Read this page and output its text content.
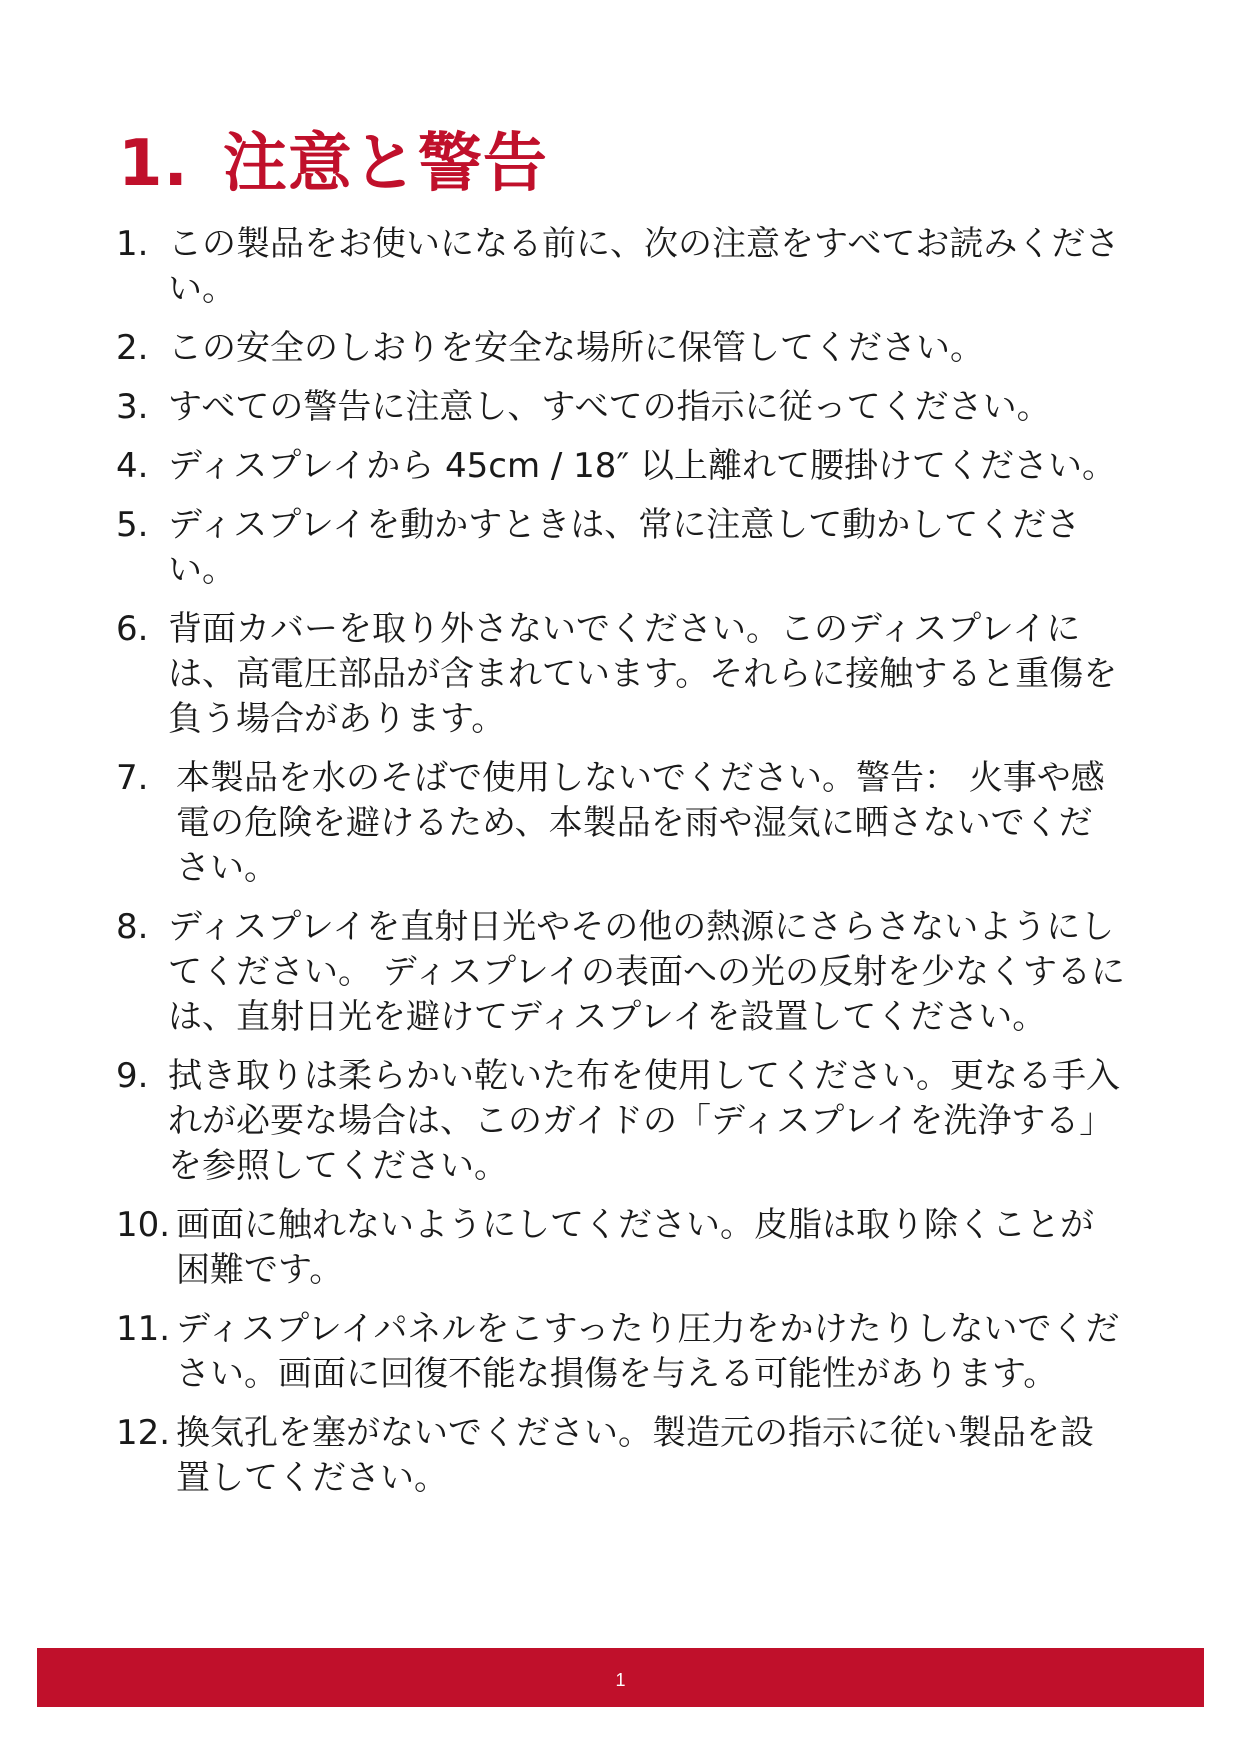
1. 注意と警告
1. この製品をお使いになる前に、次の注意をすべてお読みください。
2. この安全のしおりを安全な場所に保管してください。
3. すべての警告に注意し、すべての指示に従ってください。
4. ディスプレイから 45cm / 18″ 以上離れて腰掛けてください。
5. ディスプレイを動かすときは、常に注意して動かしてください。
6. 背面カバーを取り外さないでください。このディスプレイには、高電圧部品が含まれています。それらに接触すると重傷を負う場合があります。
7. 本製品を水のそばで使用しないでください。警告： 火事や感電の危険を避けるため、本製品を雨や湿気に晒さないでください。
8. ディスプレイを直射日光やその他の熱源にさらさないようにしてください。 ディスプレイの表面への光の反射を少なくするには、直射日光を避けてディスプレイを設置してください。
9. 拭き取りは柔らかい乾いた布を使用してください。更なる手入れが必要な場合は、このガイドの「ディスプレイを洗浄する」を参照してください。
10. 画面に触れないようにしてください。皮脂は取り除くことが困難です。
11. ディスプレイパネルをこすったり圧力をかけたりしないでください。画面に回復不能な損傷を与える可能性があります。
12. 換気孔を塞がないでください。製造元の指示に従い製品を設置してください。
1
